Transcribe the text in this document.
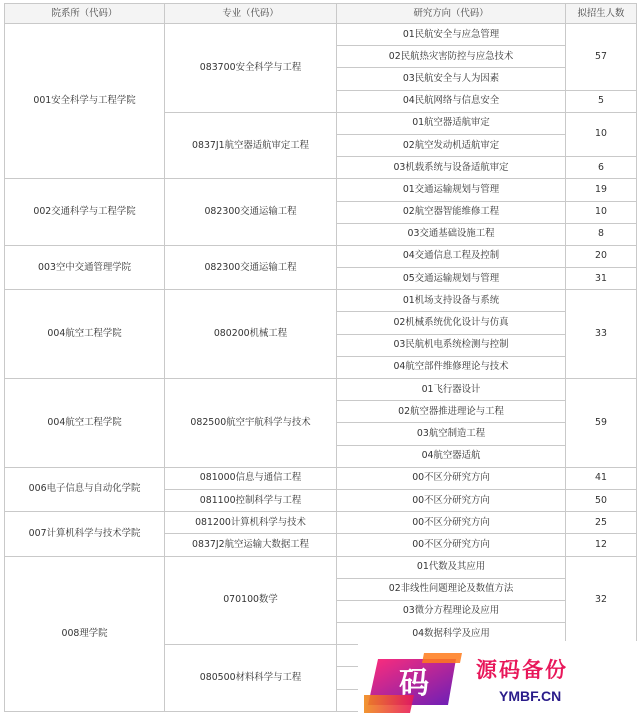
院系所（代码）	专业（代码）	研究方向（代码）	拟招生人数
001安全科学与工程学院	083700安全科学与工程	01民航安全与应急管理	57
		02民航热灾害防控与应急技术	
		03民航安全与人为因素	
		04民航网络与信息安全	5
	0837J1航空器适航审定工程	01航空器适航审定	10
		02航空发动机适航审定	
		03机载系统与设备适航审定	6
002交通科学与工程学院	082300交通运输工程	01交通运输规划与管理	19
		02航空器智能维修工程	10
		03交通基础设施工程	8
003空中交通管理学院	082300交通运输工程	04交通信息工程及控制	20
		05交通运输规划与管理	31
004航空工程学院	080200机械工程	01机场支持设备与系统	33
		02机械系统优化设计与仿真	
		03民航机电系统检测与控制	
		04航空部件维修理论与技术	
004航空工程学院	082500航空宇航科学与技术	01飞行器设计	59
		02航空器推进理论与工程	
		03航空制造工程	
		04航空器适航	
006电子信息与自动化学院	081000信息与通信工程	00不区分研究方向	41
	081100控制科学与工程	00不区分研究方向	50
007计算机科学与技术学院	081200计算机科学与技术	00不区分研究方向	25
	0837J2航空运输大数据工程	00不区分研究方向	12
008理学院	070100数学	01代数及其应用	32
		02非线性问题理论及数值方法	
		03微分方程理论及应用	
		04数据科学及应用	
	080500材料科学与工程			码 源码备份
YMBF.CN
